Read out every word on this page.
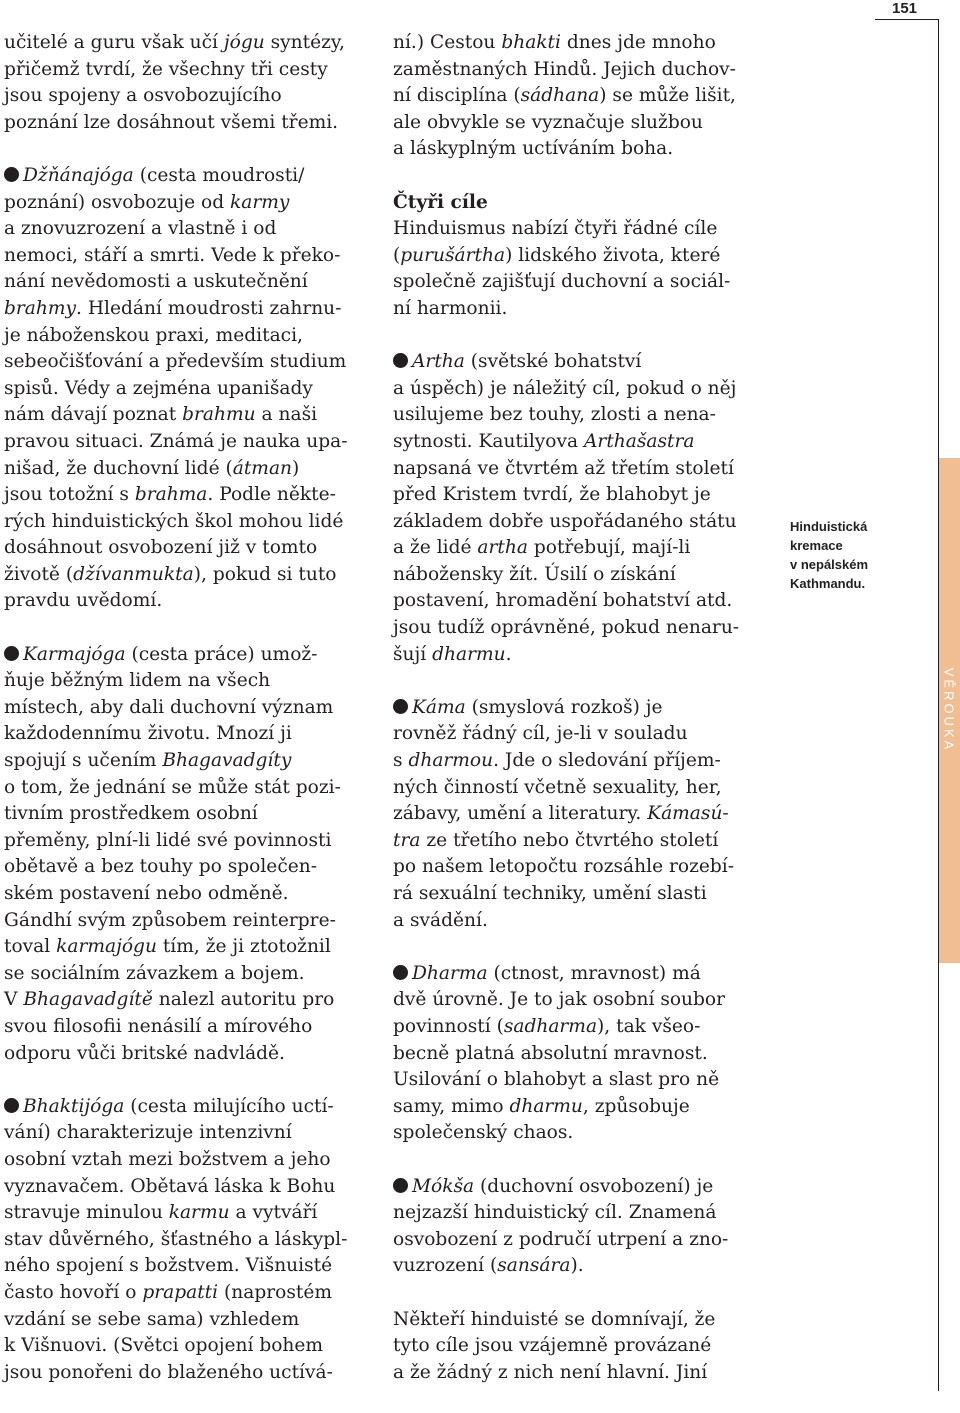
151
VĚROUKA
Hinduistická
kremace
v nepálském
Kathmandu.
učitelé a guru však učí jógu syntézy,
přičemž tvrdí, že všechny tři cesty
jsou spojeny a osvobozujícího
poznání lze dosáhnout všemi třemi.
Džňánajóga (cesta moudrosti/
poznání) osvobozuje od karmy
a znovuzrození a vlastně i od
nemoci, stáří a smrti. Vede k překo-
nání nevědomosti a uskutečnění
brahmy. Hledání moudrosti zahrnu-
je náboženskou praxi, meditaci,
sebeočišťování a především studium
spisů. Védy a zejména upanišady
nám dávají poznat brahmu a naši
pravou situaci. Známá je nauka upa-
nišad, že duchovní lidé (átman)
jsou totožní s brahma. Podle někte-
rých hinduistických škol mohou lidé
dosáhnout osvobození již v tomto
životě (džívanmukta), pokud si tuto
pravdu uvědomí.
Karmajóga (cesta práce) umož-
ňuje běžným lidem na všech
místech, aby dali duchovní význam
každodennímu životu. Mnozí ji
spojují s učením Bhagavadgíty
o tom, že jednání se může stát pozi-
tivním prostředkem osobní
přeměny, plní-li lidé své povinnosti
obětavě a bez touhy po společen-
ském postavení nebo odměně.
Gándhí svým způsobem reinterpre-
toval karmajógu tím, že ji ztotožnil
se sociálním závazkem a bojem.
V Bhagavadgítě nalezl autoritu pro
svou filosofii nenásilí a mírového
odporu vůči britské nadvládě.
Bhaktijóga (cesta milujícího uctí-
vání) charakterizuje intenzivní
osobní vztah mezi božstvem a jeho
vyznavačem. Obětavá láska k Bohu
stravuje minulou karmu a vytváří
stav důvěrného, šťastného a láskypl-
ného spojení s božstvem. Višnuisté
často hovoří o prapatti (naprostém
vzdání se sebe sama) vzhledem
k Višnuovi. (Světci opojení bohem
jsou ponořeni do blaženého uctívá-
ní.) Cestou bhakti dnes jde mnoho
zaměstnaných Hindů. Jejich duchov-
ní disciplína (sádhana) se může lišit,
ale obvykle se vyznačuje službou
a láskyplným uctíváním boha.
Čtyři cíle
Hinduismus nabízí čtyři řádné cíle
(purušártha) lidského života, které
společně zajišťují duchovní a sociál-
ní harmonii.
Artha (světské bohatství
a úspěch) je náležitý cíl, pokud o něj
usilujeme bez touhy, zlosti a nena-
sytnosti. Kautilyova Arthašastra
napsaná ve čtvrtém až třetím století
před Kristem tvrdí, že blahobyt je
základem dobře uspořádaného státu
a že lidé artha potřebují, mají-li
nábožensky žít. Úsilí o získání
postavení, hromadění bohatství atd.
jsou tudíž oprávněné, pokud nenaru-
šují dharmu.
Káma (smyslová rozkoš) je
rovněž řádný cíl, je-li v souladu
s dharmou. Jde o sledování příjem-
ných činností včetně sexuality, her,
zábavy, umění a literatury. Kámasú-
tra ze třetího nebo čtvrtého století
po našem letopočtu rozsáhle rozebí-
rá sexuální techniky, umění slasti
a svádění.
Dharma (ctnost, mravnost) má
dvě úrovně. Je to jak osobní soubor
povinností (sadharma), tak všeo-
becně platná absolutní mravnost.
Usilování o blahobyt a slast pro ně
samy, mimo dharmu, způsobuje
společenský chaos.
Mókša (duchovní osvobození) je
nejzazší hinduistický cíl. Znamená
osvobození z područí utrpení a zno-
vuzrození (sansára).
Někteří hinduisté se domnívají, že
tyto cíle jsou vzájemně provázané
a že žádný z nich není hlavní. Jiní
